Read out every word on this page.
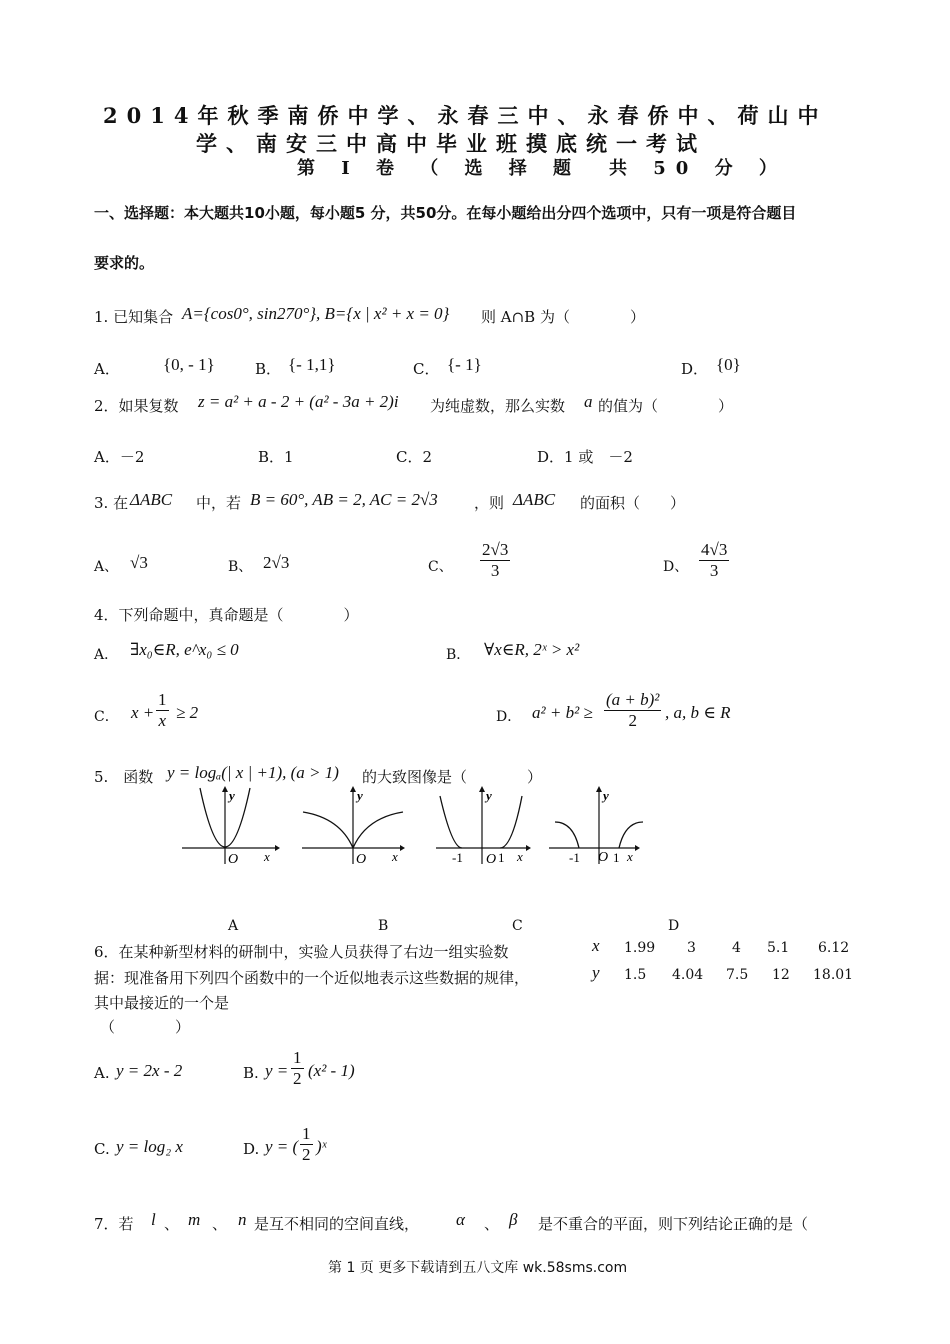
2014年秋季南侨中学、永春三中、永春侨中、荷山中
学、南安三中高中毕业班摸底统一考试
第 I 卷 （ 选 择 题　共 50 分 ）
一、选择题：本大题共10小题，每小题5 分，共50分。在每小题给出分四个选项中，只有一项是符合题目
要求的。
1. 已知集合 A={cos0°, sin270°}, B={x | x² + x = 0} 则 A∩B 为（　　　　）
A．	{0, - 1}	B． {- 1,1}	C． {- 1}	D． {0}
2．如果复数 z = a² + a - 2 + (a² - 3a + 2)i 为纯虚数，那么实数 a 的值为（　　　　）
A．－2	B．1	C．2	D．1 或　－2
3. 在 ΔABC 中，若 B = 60°, AB = 2, AC = 2√3 ，则 ΔABC 的面积（　　）
A、 √3	B、 2√3	C、 $\frac{2√3}{3}$	D、 $\frac{4√3}{3}$
4．下列命题中，真命题是（　　　　）
A． ∃x₀∈R, e^x₀ ≤ 0	B． ∀x∈R, 2ˣ > x²
C． $x + \frac{1}{x} \ge 2$	D． $a^2 + b^2 \ge \frac{\text{(a + b)²}}{2}$ , a, b ∈ R
5.　函数 y = logₐ(| x | +1), (a > 1) 的大致图像是（　　　　）
x
y
O	x
y
O	x
y
O
-1	1	x
y
O
-1	1
A	B	C	D
6．在某种新型材料的研制中，实验人员获得了右边一组实验数
据：现准备用下列四个函数中的一个近似地表示这些数据的规律，
其中最接近的一个是
（　　　　）
x 1.99 3	4 5.1 6.12
y 1.5 4.04 7.5 12 18.01
A. y = 2x - 2	B. $y = \frac{1}{2} (x^2 - 1)$
C. y = log₂ x	D. y = ( $\frac{1}{2}$ )ˣ
7．若 l 、 m 、 n 是互不相同的空间直线， α 、 β 是不重合的平面，则下列结论正确的是（
第 1 页 更多下载请到五八文库 wk.58sms.com
